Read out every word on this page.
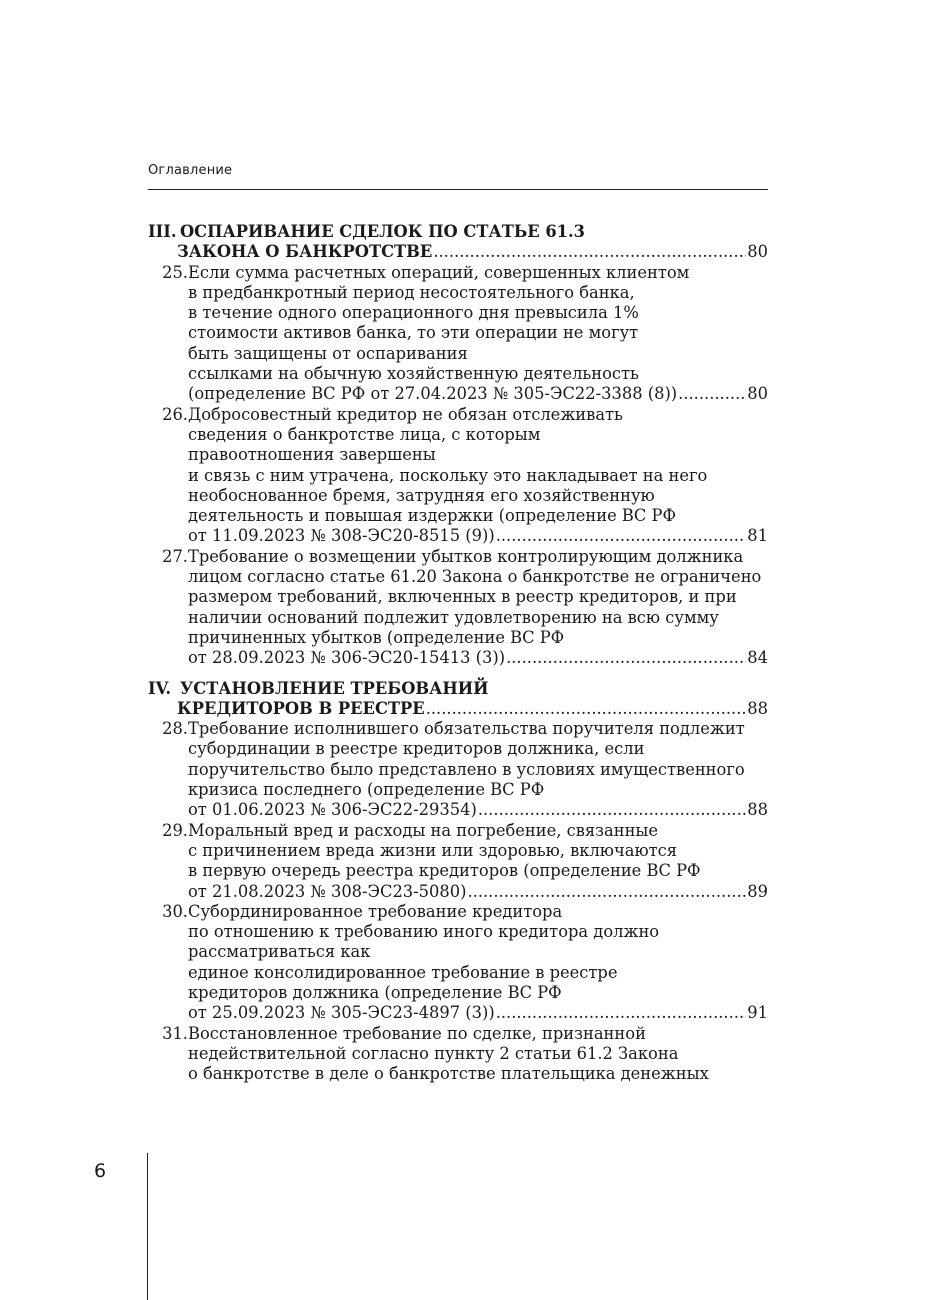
Оглавление
III. ОСПАРИВАНИЕ СДЕЛОК ПО СТАТЬЕ 61.3
ЗАКОНА О БАНКРОТСТВЕ .....	80
25. Если сумма расчетных операций, совершенных клиентом
в предбанкротный период несостоятельного банка,
в течение одного операционного дня превысила 1%
стоимости активов банка, то эти операции не могут
быть защищены от оспаривания
ссылками на обычную хозяйственную деятельность
(определение ВС РФ от 27.04.2023 № 305-ЭС22-3388 (8)) .....	80
26. Добросовестный кредитор не обязан отслеживать
сведения о банкротстве лица, с которым
правоотношения завершены
и связь с ним утрачена, поскольку это накладывает на него
необоснованное бремя, затрудняя его хозяйственную
деятельность и повышая издержки (определение ВС РФ
от 11.09.2023 № 308-ЭС20-8515 (9)) .....	81
27. Требование о возмещении убытков контролирующим должника
лицом согласно статье 61.20 Закона о банкротстве не ограничено
размером требований, включенных в реестр кредиторов, и при
наличии оснований подлежит удовлетворению на всю сумму
причиненных убытков (определение ВС РФ
от 28.09.2023 № 306-ЭС20-15413 (3)) .....	84
IV. УСТАНОВЛЕНИЕ ТРЕБОВАНИЙ
КРЕДИТОРОВ В РЕЕСТРЕ .....	88
28. Требование исполнившего обязательства поручителя подлежит
субординации в реестре кредиторов должника, если
поручительство было представлено в условиях имущественного
кризиса последнего (определение ВС РФ
от 01.06.2023 № 306-ЭС22-29354) .....	88
29. Моральный вред и расходы на погребение, связанные
с причинением вреда жизни или здоровью, включаются
в первую очередь реестра кредиторов (определение ВС РФ
от 21.08.2023 № 308-ЭС23-5080) .....	89
30. Субординированное требование кредитора
по отношению к требованию иного кредитора должно
рассматриваться как
единое консолидированное требование в реестре
кредиторов должника (определение ВС РФ
от 25.09.2023 № 305-ЭС23-4897 (3)) .....	91
31. Восстановленное требование по сделке, признанной
недействительной согласно пункту 2 статьи 61.2 Закона
о банкротстве в деле о банкротстве плательщика денежных
6
